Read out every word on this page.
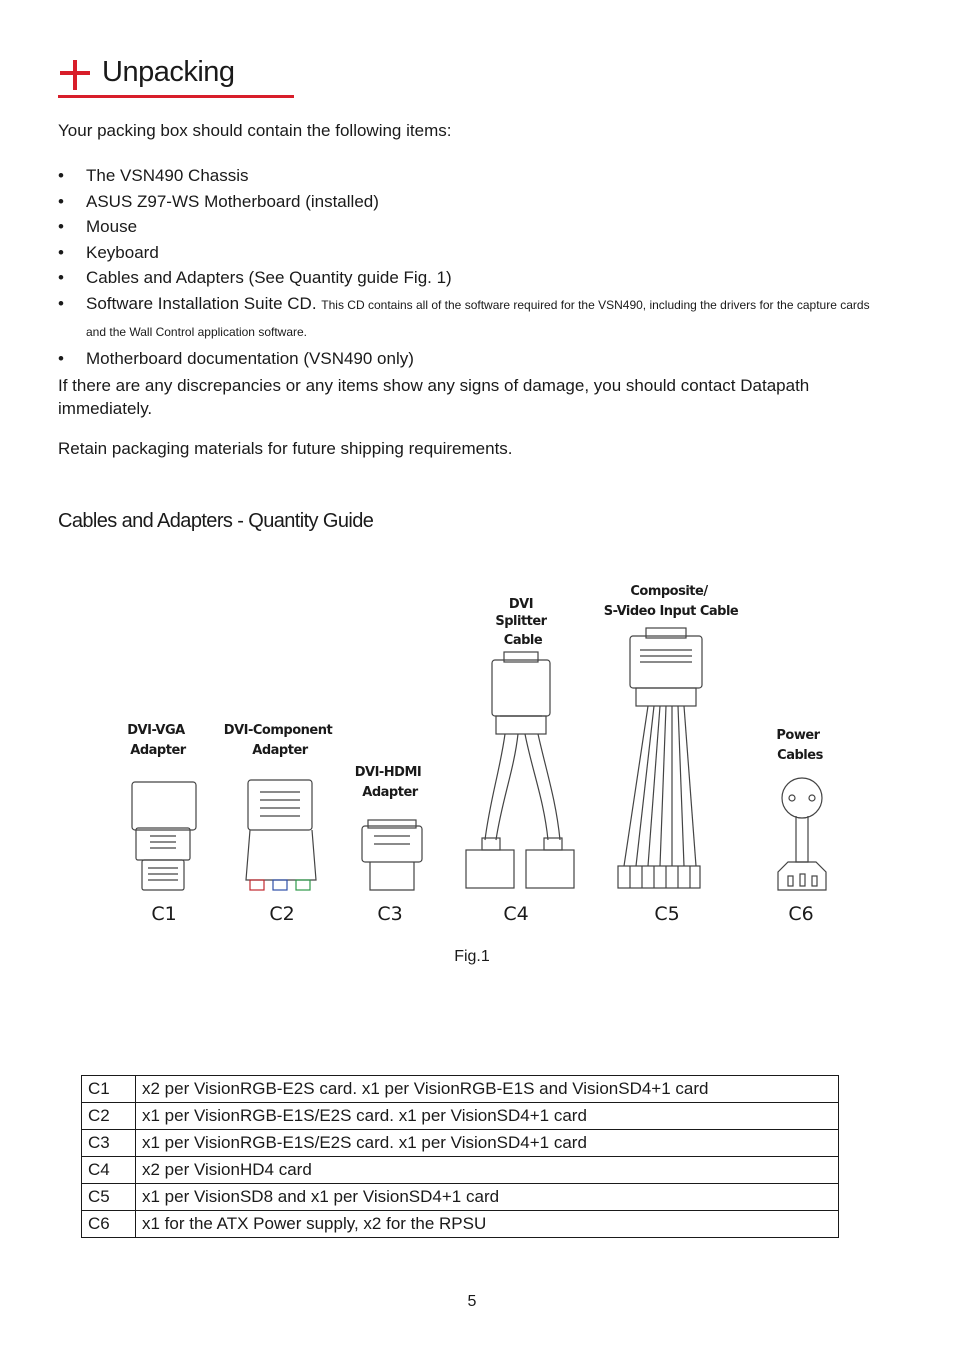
Unpacking
Your packing box should contain the following items:
• The VSN490 Chassis
• ASUS Z97-WS Motherboard (installed)
• Mouse
• Keyboard
• Cables and Adapters (See Quantity guide Fig. 1)
• Software Installation Suite CD. This CD contains all of the software required for the VSN490, including the drivers for the capture cards and the Wall Control application software.
• Motherboard documentation (VSN490 only)
If there are any discrepancies or any items show any signs of damage, you should contact Datapath immediately.
Retain packaging materials for future shipping requirements.
Cables and Adapters - Quantity Guide
DVI-VGA Adapter
DVI-Component Adapter
DVI-HDMI Adapter
DVI Splitter Cable
Composite/ S-Video Input Cable
Power Cables
C1	C2	C3	C4	C5	C6
Fig.1
C1	x2 per VisionRGB-E2S card. x1 per VisionRGB-E1S and VisionSD4+1 card
C2	x1 per VisionRGB-E1S/E2S card. x1 per VisionSD4+1 card
C3	x1 per VisionRGB-E1S/E2S card. x1 per VisionSD4+1 card
C4	x2 per VisionHD4 card
C5	x1 per VisionSD8 and x1 per VisionSD4+1 card
C6	x1 for the ATX Power supply, x2 for the RPSU
5
